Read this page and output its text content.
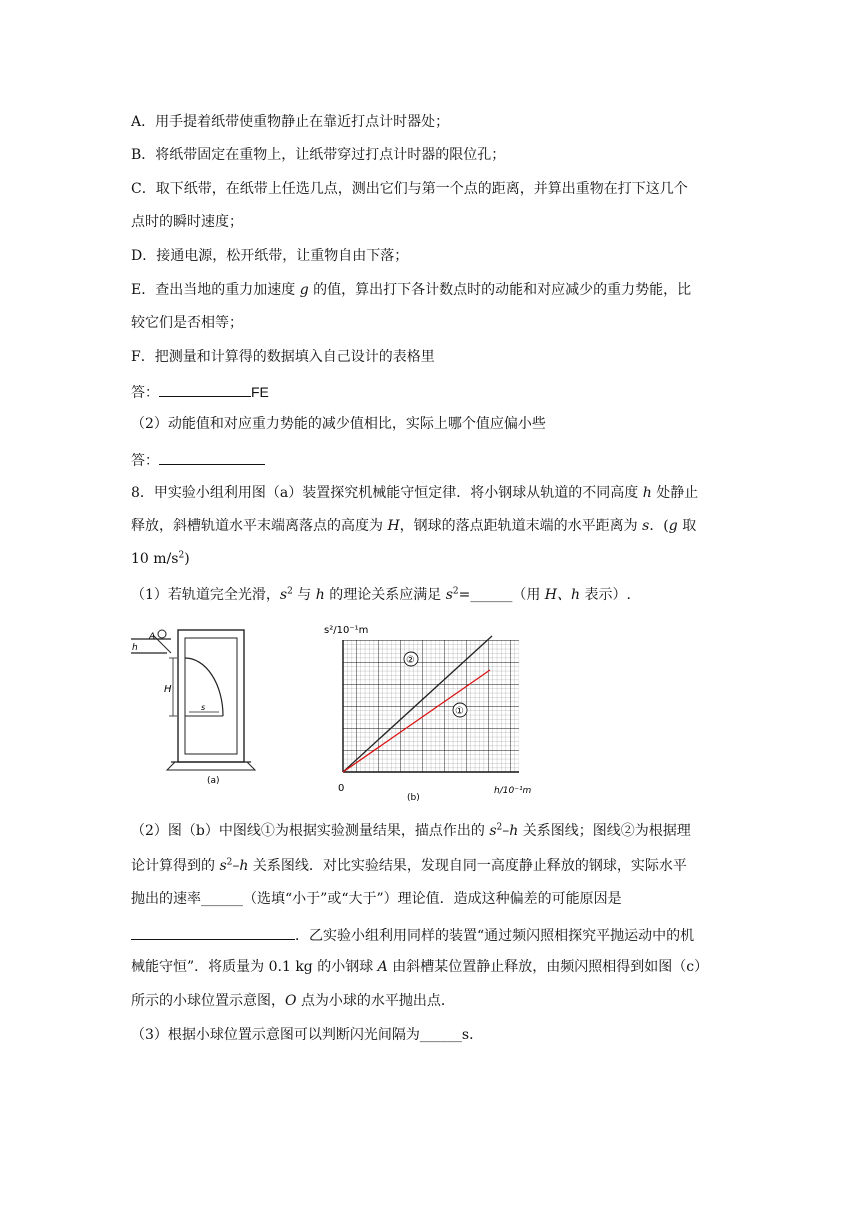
A．用手提着纸带使重物静止在靠近打点计时器处；
B．将纸带固定在重物上，让纸带穿过打点计时器的限位孔；
C．取下纸带，在纸带上任选几点，测出它们与第一个点的距离，并算出重物在打下这几个
点时的瞬时速度；
D．接通电源，松开纸带，让重物自由下落；
E．查出当地的重力加速度 g 的值，算出打下各计数点时的动能和对应减少的重力势能，比
较它们是否相等；
F．把测量和计算得的数据填入自己设计的表格里
答：	FE
（2）动能值和对应重力势能的减少值相比，实际上哪个值应偏小些
答：
8．甲实验小组利用图（a）装置探究机械能守恒定律．将小钢球从轨道的不同高度 h 处静止
释放，斜槽轨道水平末端离落点的高度为 H，钢球的落点距轨道末端的水平距离为 s．(g 取
10 $m/s^2$)
（1）若轨道完全光滑，$s^2$ 与 h 的理论关系应满足 $s^2=\_\_\_\_\_\_$（用 H、h 表示）.
A
h
H
s
(a)
s²/10⁻¹m
②
①
0
(b)
h/10⁻¹m
（2）图（b）中图线①为根据实验测量结果，描点作出的 $s^2-h$ 关系图线；图线②为根据理
论计算得到的 $s^2-h$ 关系图线．对比实验结果，发现自同一高度静止释放的钢球，实际水平
抛出的速率______（选填“小于”或“大于”）理论值．造成这种偏差的可能原因是
．乙实验小组利用同样的装置“通过频闪照相探究平抛运动中的机
械能守恒”．将质量为 0.1 kg 的小钢球 A 由斜槽某位置静止释放，由频闪照相得到如图（c）
所示的小球位置示意图，O 点为小球的水平抛出点．
（3）根据小球位置示意图可以判断闪光间隔为______s．
